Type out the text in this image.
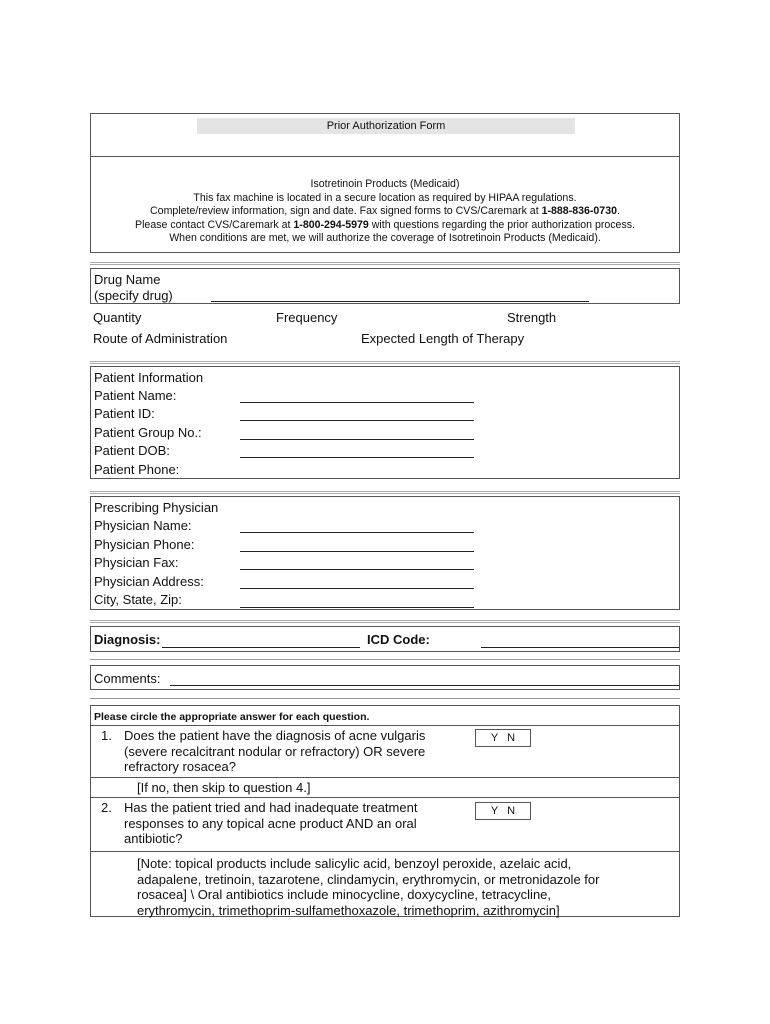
Prior Authorization Form
Isotretinoin Products (Medicaid)
This fax machine is located in a secure location as required by HIPAA regulations.
Complete/review information, sign and date. Fax signed forms to CVS/Caremark at 1-888-836-0730.
Please contact CVS/Caremark at 1-800-294-5979 with questions regarding the prior authorization process.
When conditions are met, we will authorize the coverage of Isotretinoin Products (Medicaid).
Drug Name
(specify drug)
Quantity	Frequency	Strength
Route of Administration	Expected Length of Therapy
Patient Information
Patient Name:
Patient ID:
Patient Group No.:
Patient DOB:
Patient Phone:
Prescribing Physician
Physician Name:
Physician Phone:
Physician Fax:
Physician Address:
City, State, Zip:
Diagnosis:	ICD Code:
Comments:
Please circle the appropriate answer for each question.
1. Does the patient have the diagnosis of acne vulgaris (severe recalcitrant nodular or refractory) OR severe refractory rosacea?
Y N
[If no, then skip to question 4.]
2. Has the patient tried and had inadequate treatment responses to any topical acne product AND an oral antibiotic?
Y N
[Note: topical products include salicylic acid, benzoyl peroxide, azelaic acid, adapalene, tretinoin, tazarotene, clindamycin, erythromycin, or metronidazole for rosacea] \ Oral antibiotics include minocycline, doxycycline, tetracycline, erythromycin, trimethoprim-sulfamethoxazole, trimethoprim, azithromycin]
